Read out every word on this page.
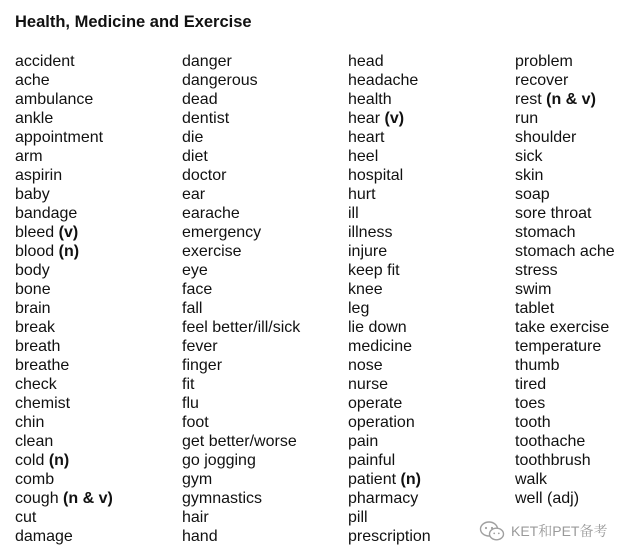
Health, Medicine and Exercise
accident
ache
ambulance
ankle
appointment
arm
aspirin
baby
bandage
bleed (v)
blood (n)
body
bone
brain
break
breath
breathe
check
chemist
chin
clean
cold (n)
comb
cough (n & v)
cut
damage
danger
dangerous
dead
dentist
die
diet
doctor
ear
earache
emergency
exercise
eye
face
fall
feel better/ill/sick
fever
finger
fit
flu
foot
get better/worse
go jogging
gym
gymnastics
hair
hand
head
headache
health
hear (v)
heart
heel
hospital
hurt
ill
illness
injure
keep fit
knee
leg
lie down
medicine
nose
nurse
operate
operation
pain
painful
patient (n)
pharmacy
pill
prescription
problem
recover
rest (n & v)
run
shoulder
sick
skin
soap
sore throat
stomach
stomach ache
stress
swim
tablet
take exercise
temperature
thumb
tired
toes
tooth
toothache
toothbrush
walk
well (adj)
KET和PET备考
